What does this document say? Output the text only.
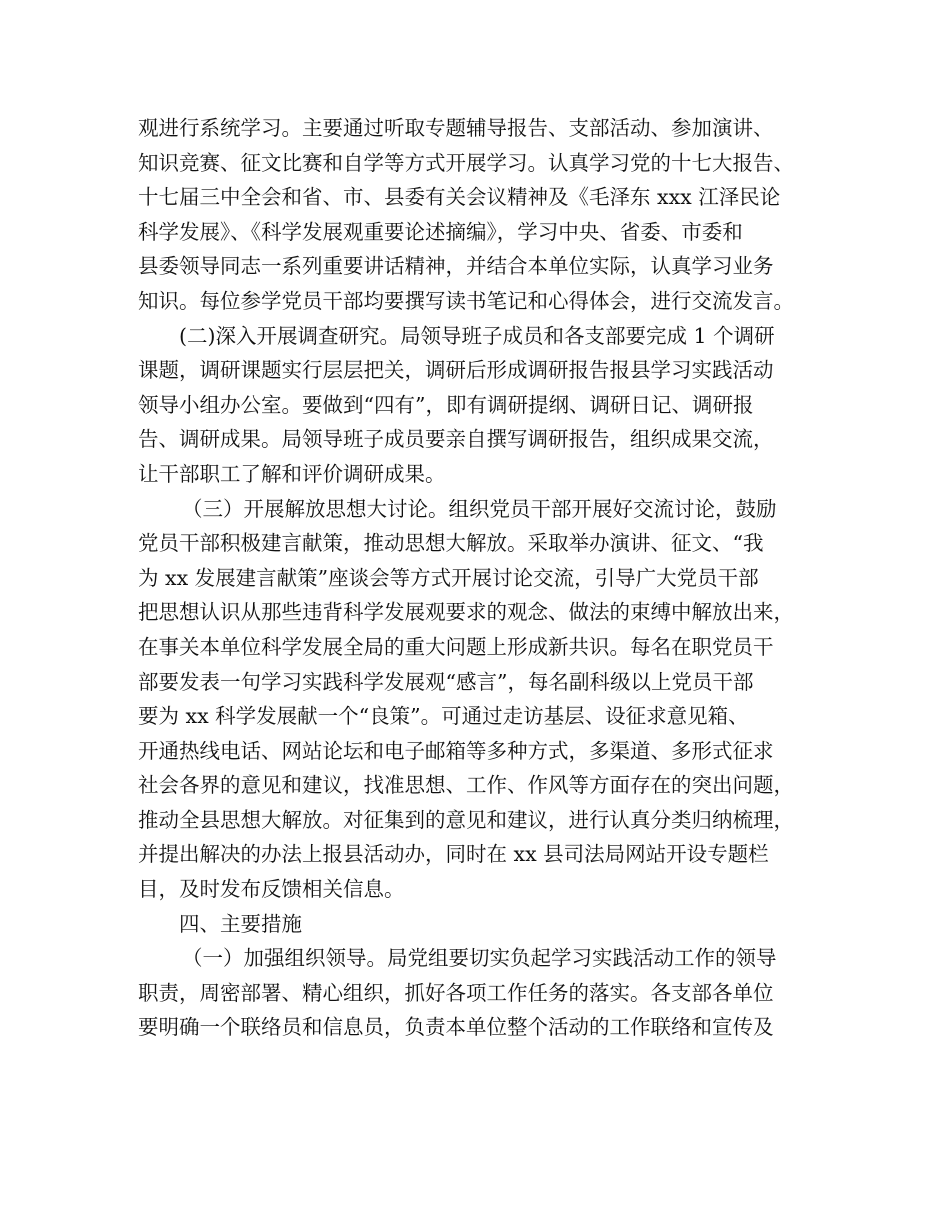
观进行系统学习。主要通过听取专题辅导报告、支部活动、参加演讲、

知识竞赛、征文比赛和自学等方式开展学习。认真学习党的十七大报告、

十七届三中全会和省、市、县委有关会议精神及《毛泽东 xxx 江泽民论

科学发展》、《科学发展观重要论述摘编》，学习中央、省委、市委和

县委领导同志一系列重要讲话精神，并结合本单位实际，认真学习业务

知识。每位参学党员干部均要撰写读书笔记和心得体会，进行交流发言。

(二)深入开展调查研究。局领导班子成员和各支部要完成 1 个调研

课题，调研课题实行层层把关，调研后形成调研报告报县学习实践活动

领导小组办公室。要做到“四有”，即有调研提纲、调研日记、调研报

告、调研成果。局领导班子成员要亲自撰写调研报告，组织成果交流，

让干部职工了解和评价调研成果。

（三）开展解放思想大讨论。组织党员干部开展好交流讨论，鼓励

党员干部积极建言献策，推动思想大解放。采取举办演讲、征文、“我

为 xx 发展建言献策”座谈会等方式开展讨论交流，引导广大党员干部

把思想认识从那些违背科学发展观要求的观念、做法的束缚中解放出来，

在事关本单位科学发展全局的重大问题上形成新共识。每名在职党员干

部要发表一句学习实践科学发展观“感言”，每名副科级以上党员干部

要为 xx 科学发展献一个“良策”。可通过走访基层、设征求意见箱、

开通热线电话、网站论坛和电子邮箱等多种方式，多渠道、多形式征求

社会各界的意见和建议，找准思想、工作、作风等方面存在的突出问题，

推动全县思想大解放。对征集到的意见和建议，进行认真分类归纳梳理，

并提出解决的办法上报县活动办，同时在 xx 县司法局网站开设专题栏

目，及时发布反馈相关信息。

四、主要措施

（一）加强组织领导。局党组要切实负起学习实践活动工作的领导

职责，周密部署、精心组织，抓好各项工作任务的落实。各支部各单位

要明确一个联络员和信息员，负责本单位整个活动的工作联络和宣传及
